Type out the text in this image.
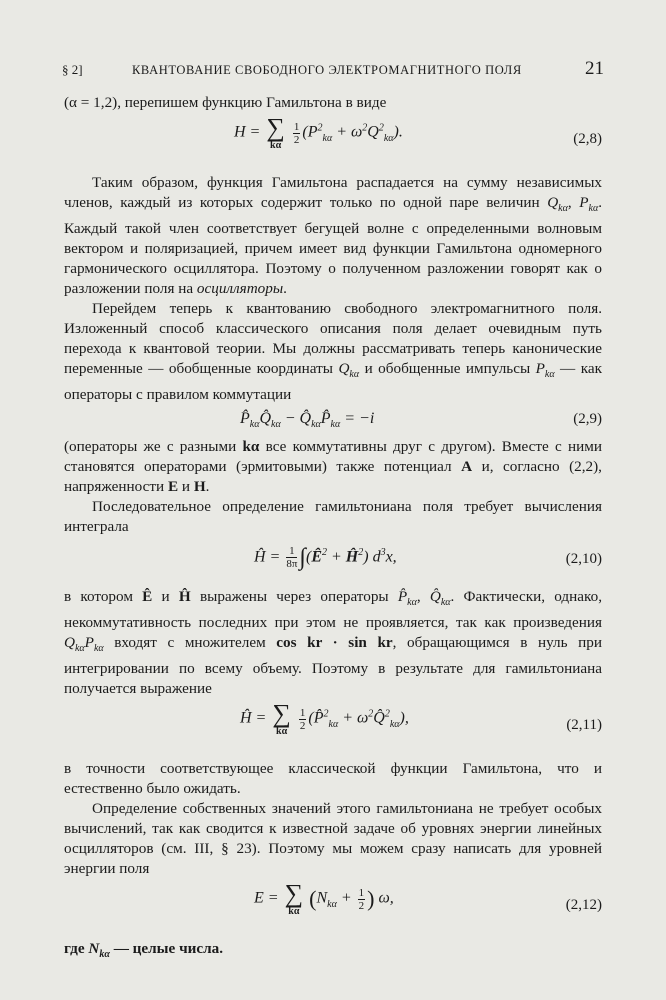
§ 2]	КВАНТОВАНИЕ СВОБОДНОГО ЭЛЕКТРОМАГНИТНОГО ПОЛЯ	21

(α = 1,2), перепишем функцию Гамильтона в виде

H = ∑
kα
	$\frac{1}{2} (P^2_{k\alpha} + \omega^2Q^2_{k\alpha})$.	(2,8)

Таким образом, функция Гамильтона распадается на сумму независимых членов, каждый из которых содержит только по одной паре величин $Q_{k\alpha}$, $P_{k\alpha}$. Каждый такой член соответствует бегущей волне с определенными волновым вектором и поляризацией, причем имеет вид функции Гамильтона одномерного гармонического осциллятора. Поэтому о полученном разложении говорят как о разложении поля на осцилляторы.

Перейдем теперь к квантованию свободного электромагнитного поля. Изложенный способ классического описания поля делает очевидным путь перехода к квантовой теории. Мы должны рассматривать теперь канонические переменные — обобщенные координаты $Q_{k\alpha}$ и обобщенные импульсы $P_{k\alpha}$ — как операторы с правилом коммутации

$P̂_{k\alpha}Q̂_{k\alpha}$ − $Q̂_{k\alpha}P̂_{k\alpha} = -i$	(2,9)

(операторы же с разными kα все коммутативны друг с другом). Вместе с ними становятся операторами (эрмитовыми) также потенциал A и, согласно (2,2), напряженности E и H.

Последовательное определение гамильтониана поля требует вычисления интеграла

Ĥ = $\frac{1}{8\pi}$ $\int(Ê^2$ + $Ĥ^2$) $d^3x$,	(2,10)

в котором Ê и Ĥ выражены через операторы $P̂_{k\alpha}$, $Q̂_{k\alpha}$. Фактически, однако, некоммутативность последних при этом не проявляется, так как произведения $Q_{k\alpha}P_{k\alpha}$ входят с множителем cos kr · sin kr, обращающимся в нуль при интегрировании по всему объему. Поэтому в результате для гамильтониана получается выражение

Ĥ = ∑
kα
	$\frac{1}{2}$ (P̂$^2_{k\alpha}$ + $\omega^2Q̂^2_{k\alpha}$),	(2,11)

в точности соответствующее классической функции Гамильтона, что и естественно было ожидать.

Определение собственных значений этого гамильтониана не требует особых вычислений, так как сводится к известной задаче об уровнях энергии линейных осцилляторов (см. III, § 23). Поэтому мы можем сразу написать для уровней энергии поля

E = ∑
kα
($N_{k\alpha} + \frac{1}{2}$ ) ω,	(2,12)

где $N_{k\alpha}$ — целые числа.
